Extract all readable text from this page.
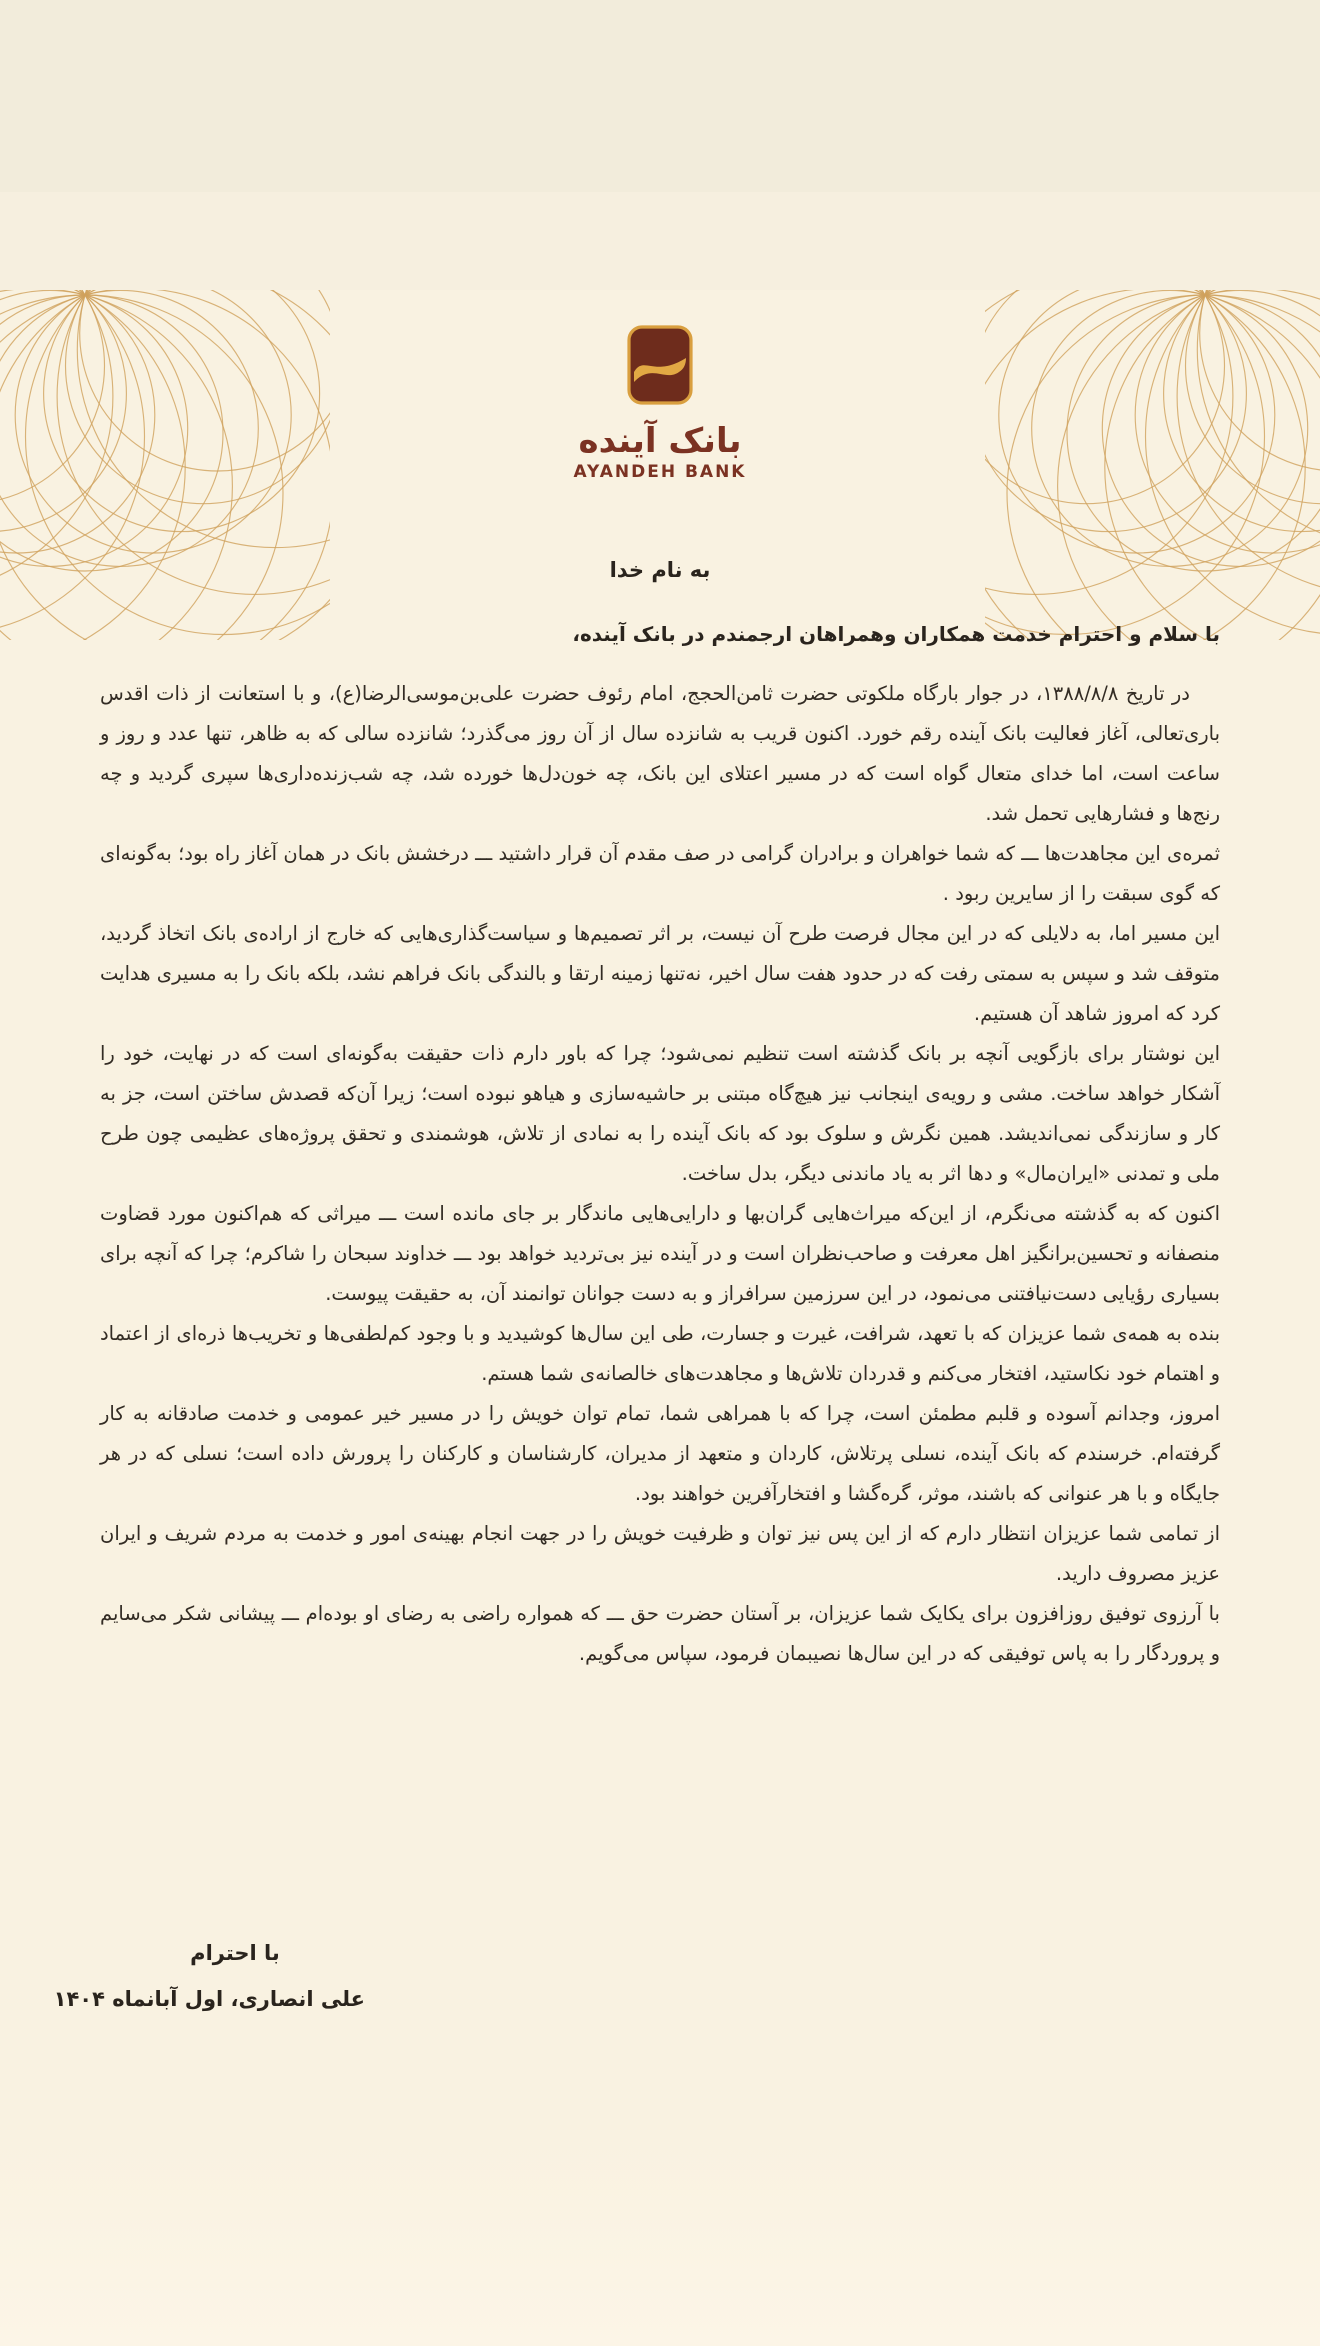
بانک آینده
AYANDEH BANK
به نام خدا

با سلام و احترام خدمت همکاران وهمراهان ارجمندم در بانک آینده،

در تاریخ ۱۳۸۸/۸/۸، در جوار بارگاه ملکوتی حضرت ثامن‌الحجج، امام رئوف حضرت علی‌بن‌موسی‌الرضا(ع)، و با استعانت از ذات اقدس باری‌تعالی، آغاز فعالیت بانک آینده رقم خورد. اکنون قریب به شانزده سال از آن روز می‌گذرد؛ شانزده سالی که به ظاهر، تنها عدد و روز و ساعت است، اما خدای متعال گواه است که در مسیر اعتلای این بانک، چه خون‌دل‌ها خورده شد، چه شب‌زنده‌داری‌ها سپری گردید و چه رنج‌ها و فشارهایی تحمل شد.

ثمره‌ی این مجاهدت‌ها ـــ که شما خواهران و برادران گرامی در صف مقدم آن قرار داشتید ـــ درخشش بانک در همان آغاز راه بود؛ به‌گونه‌ای که گوی سبقت را از سایرین ربود .

این مسیر اما، به دلایلی که در این مجال فرصت طرح آن نیست، بر اثر تصمیم‌ها و سیاست‌گذاری‌هایی که خارج از اراده‌ی بانک اتخاذ گردید، متوقف شد و سپس به سمتی رفت که در حدود هفت سال اخیر، نه‌تنها زمینه ارتقا و بالندگی بانک فراهم نشد، بلکه بانک را به مسیری هدایت کرد که امروز شاهد آن هستیم.

این نوشتار برای بازگویی آنچه بر بانک گذشته است تنظیم نمی‌شود؛ چرا که باور دارم ذات حقیقت به‌گونه‌ای است که در نهایت، خود را آشکار خواهد ساخت. مشی و رویه‌ی اینجانب نیز هیچ‌گاه مبتنی بر حاشیه‌سازی و هیاهو نبوده است؛ زیرا آن‌که قصدش ساختن است، جز به کار و سازندگی نمی‌اندیشد. همین نگرش و سلوک بود که بانک آینده را به نمادی از تلاش، هوشمندی و تحقق پروژه‌های عظیمی چون طرح ملی و تمدنی «ایران‌مال» و دها اثر به یاد ماندنی دیگر، بدل ساخت.

اکنون که به گذشته می‌نگرم، از این‌که میراث‌هایی گران‌بها و دارایی‌هایی ماندگار بر جای مانده است ـــ میراثی که هم‌اکنون مورد قضاوت منصفانه و تحسین‌برانگیز اهل معرفت و صاحب‌نظران است و در آینده نیز بی‌تردید خواهد بود ـــ خداوند سبحان را شاکرم؛ چرا که آنچه برای بسیاری رؤیایی دست‌نیافتنی می‌نمود، در این سرزمین سرافراز و به دست جوانان توانمند آن، به حقیقت پیوست.

بنده به همه‌ی شما عزیزان که با تعهد، شرافت، غیرت و جسارت، طی این سال‌ها کوشیدید و با وجود کم‌لطفی‌ها و تخریب‌ها ذره‌ای از اعتماد و اهتمام خود نکاستید، افتخار می‌کنم و قدردان تلاش‌ها و مجاهدت‌های خالصانه‌ی شما هستم.

امروز، وجدانم آسوده و قلبم مطمئن است، چرا که با همراهی شما، تمام توان خویش را در مسیر خیر عمومی و خدمت صادقانه به کار گرفته‌ام. خرسندم که بانک آینده، نسلی پرتلاش، کاردان و متعهد از مدیران، کارشناسان و کارکنان را پرورش داده است؛ نسلی که در هر جایگاه و با هر عنوانی که باشند، موثر، گره‌گشا و افتخارآفرین خواهند بود.

از تمامی شما عزیزان انتظار دارم که از این پس نیز توان و ظرفیت خویش را در جهت انجام بهینه‌ی امور و خدمت به مردم شریف و ایران عزیز مصروف دارید.

با آرزوی توفیق روزافزون برای یکایک شما عزیزان، بر آستان حضرت حق ـــ که همواره راضی به رضای او بوده‌ام ـــ پیشانی شکر می‌سایم و پروردگار را به پاس توفیقی که در این سال‌ها نصیبمان فرمود، سپاس می‌گویم.

با احترام

علی انصاری، اول آبانماه ۱۴۰۴
